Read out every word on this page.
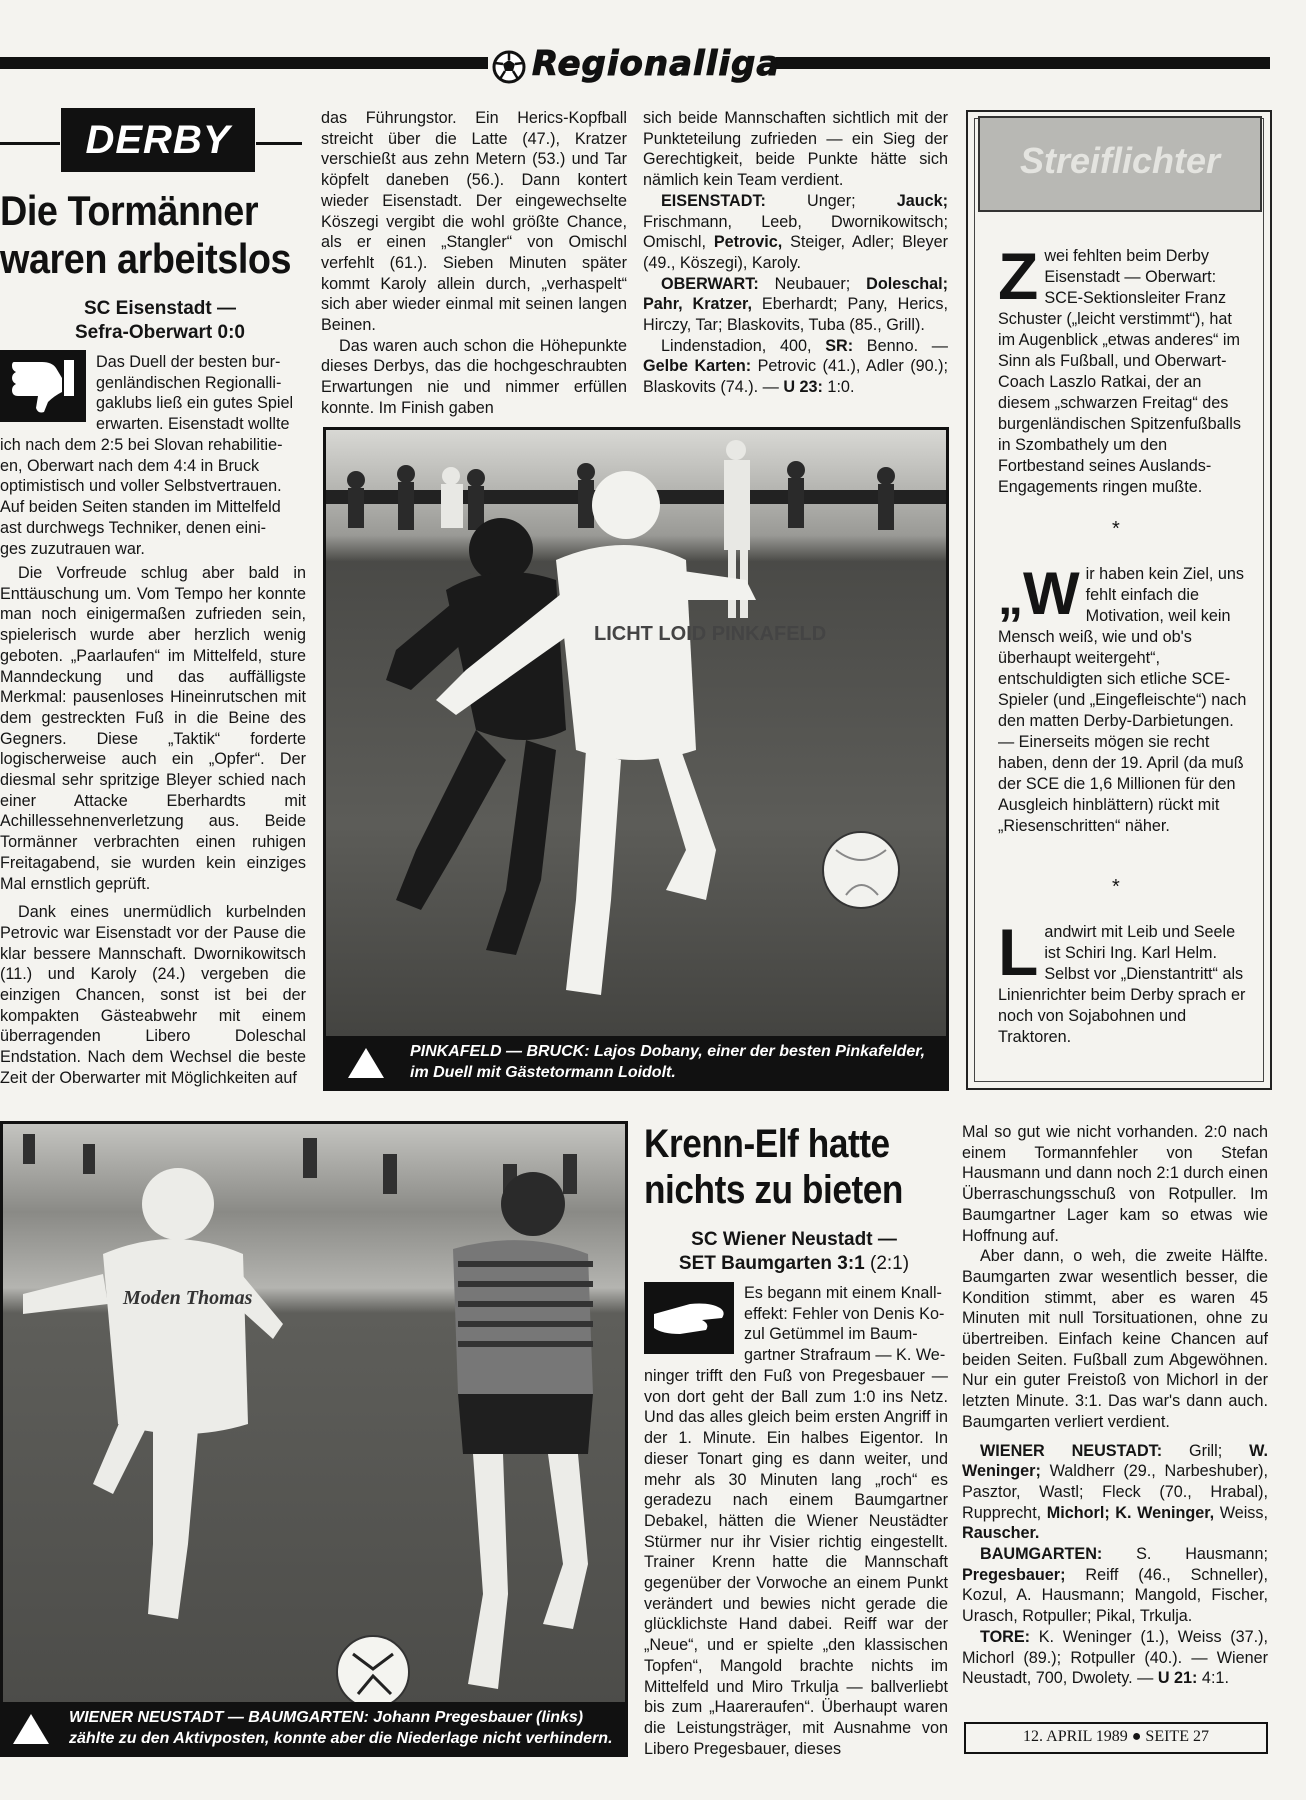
Regionalliga
DERBY
Die Tormänner
waren arbeitslos
SC Eisenstadt —
Sefra-Oberwart 0:0
Das Duell der besten bur-
genländischen Regionalli-
gaklubs ließ ein gutes Spiel
erwarten. Eisenstadt wollte
ich nach dem 2:5 bei Slovan rehabilitie-
en, Oberwart nach dem 4:4 in Bruck
optimistisch und voller Selbstvertrauen.
Auf beiden Seiten standen im Mittelfeld
ast durchwegs Techniker, denen eini-
ges zuzutrauen war.

Die Vorfreude schlug aber bald in Enttäuschung um. Vom Tempo her konnte man noch einigermaßen zufrieden sein, spielerisch wurde aber herzlich wenig geboten. „Paarlaufen“ im Mittelfeld, sture Manndeckung und das auffälligste Merkmal: pausenloses Hineinrutschen mit dem gestreckten Fuß in die Beine des Gegners. Diese „Taktik“ forderte logischerweise auch ein „Opfer“. Der diesmal sehr spritzige Bleyer schied nach einer Attacke Eberhardts mit Achillessehnenverletzung aus. Beide Tormänner verbrachten einen ruhigen Freitagabend, sie wurden kein einziges Mal ernstlich geprüft.

Dank eines unermüdlich kurbelnden Petrovic war Eisenstadt vor der Pause die klar bessere Mannschaft. Dwornikowitsch (11.) und Karoly (24.) vergeben die einzigen Chancen, sonst ist bei der kompakten Gästeabwehr mit einem überragenden Libero Doleschal Endstation. Nach dem Wechsel die beste Zeit der Oberwarter mit Möglichkeiten auf

das Führungstor. Ein Herics-Kopfball streicht über die Latte (47.), Kratzer verschießt aus zehn Metern (53.) und Tar köpfelt daneben (56.). Dann kontert wieder Eisenstadt. Der eingewechselte Köszegi vergibt die wohl größte Chance, als er einen „Stangler“ von Omischl verfehlt (61.). Sieben Minuten später kommt Karoly allein durch, „verhaspelt“ sich aber wieder einmal mit seinen langen Beinen.

Das waren auch schon die Höhepunkte dieses Derbys, das die hochgeschraubten Erwartungen nie und nimmer erfüllen konnte. Im Finish gaben

sich beide Mannschaften sichtlich mit der Punkteteilung zufrieden — ein Sieg der Gerechtigkeit, beide Punkte hätte sich nämlich kein Team verdient.

EISENSTADT: Unger; Jauck; Frischmann, Leeb, Dwornikowitsch; Omischl, Petrovic, Steiger, Adler; Bleyer (49., Köszegi), Karoly.

OBERWART: Neubauer; Doleschal; Pahr, Kratzer, Eberhardt; Pany, Herics, Hirczy, Tar; Blaskovits, Tuba (85., Grill).

Lindenstadion, 400, SR: Benno. — Gelbe Karten: Petrovic (41.), Adler (90.); Blaskovits (74.). — U 23: 1:0.

LICHT LOID PINKAFELD
PINKAFELD — BRUCK: Lajos Dobany, einer der besten Pinkafelder,
im Duell mit Gästetormann Loidolt.
Streiflichter

Zwei fehlten beim Derby Eisenstadt — Oberwart: SCE-Sektionsleiter Franz Schuster („leicht verstimmt“), hat im Augenblick „etwas anderes“ im Sinn als Fußball, und Oberwart-Coach Laszlo Ratkai, der an diesem „schwarzen Freitag“ des burgenländischen Spitzenfußballs in Szombathely um den Fortbestand seines Auslands-Engagements ringen mußte.

*

„W ir haben kein Ziel, uns fehlt einfach die Motivation, weil kein Mensch weiß, wie und ob's überhaupt weitergeht“, entschuldigten sich etliche SCE-Spieler (und „Eingefleischte“) nach den matten Derby-Darbietungen. — Einerseits mögen sie recht haben, denn der 19. April (da muß der SCE die 1,6 Millionen für den Ausgleich hinblättern) rückt mit „Riesenschritten“ näher.

*

Landwirt mit Leib und Seele ist Schiri Ing. Karl Helm. Selbst vor „Dienstantritt“ als Linienrichter beim Derby sprach er noch von Sojabohnen und Traktoren.

Moden Thomas
WIENER NEUSTADT — BAUMGARTEN: Johann Pregesbauer (links)
zählte zu den Aktivposten, konnte aber die Niederlage nicht verhindern.
Krenn-Elf hatte
nichts zu bieten
SC Wiener Neustadt —
SET Baumgarten 3:1 (2:1)
Es begann mit einem Knall-
effekt: Fehler von Denis Ko-
zul Getümmel im Baum-
gartner Strafraum — K. We-

ninger trifft den Fuß von Pregesbauer — von dort geht der Ball zum 1:0 ins Netz. Und das alles gleich beim ersten Angriff in der 1. Minute. Ein halbes Eigentor. In dieser Tonart ging es dann weiter, und mehr als 30 Minuten lang „roch“ es geradezu nach einem Baumgartner Debakel, hätten die Wiener Neustädter Stürmer nur ihr Visier richtig eingestellt. Trainer Krenn hatte die Mannschaft gegenüber der Vorwoche an einem Punkt verändert und bewies nicht gerade die glücklichste Hand dabei. Reiff war der „Neue“, und er spielte „den klassischen Topfen“, Mangold brachte nichts im Mittelfeld und Miro Trkulja — ballverliebt bis zum „Haareraufen“. Überhaupt waren die Leistungsträger, mit Ausnahme von Libero Pregesbauer, dieses

Mal so gut wie nicht vorhanden. 2:0 nach einem Tormannfehler von Stefan Hausmann und dann noch 2:1 durch einen Überraschungsschuß von Rotpuller. Im Baumgartner Lager kam so etwas wie Hoffnung auf.

Aber dann, o weh, die zweite Hälfte. Baumgarten zwar wesentlich besser, die Kondition stimmt, aber es waren 45 Minuten mit null Torsituationen, ohne zu übertreiben. Einfach keine Chancen auf beiden Seiten. Fußball zum Abgewöhnen. Nur ein guter Freistoß von Michorl in der letzten Minute. 3:1. Das war's dann auch. Baumgarten verliert verdient.

WIENER NEUSTADT: Grill; W. Weninger; Waldherr (29., Narbeshuber), Pasztor, Wastl; Fleck (70., Hrabal), Rupprecht, Michorl; K. Weninger, Weiss, Rauscher.

BAUMGARTEN: S. Hausmann; Pregesbauer; Reiff (46., Schneller), Kozul, A. Hausmann; Mangold, Fischer, Urasch, Rotpuller; Pikal, Trkulja.

TORE: K. Weninger (1.), Weiss (37.), Michorl (89.); Rotpuller (40.). — Wiener Neustadt, 700, Dwolety. — U 21: 4:1.

12. APRIL 1989 ● SEITE 27
